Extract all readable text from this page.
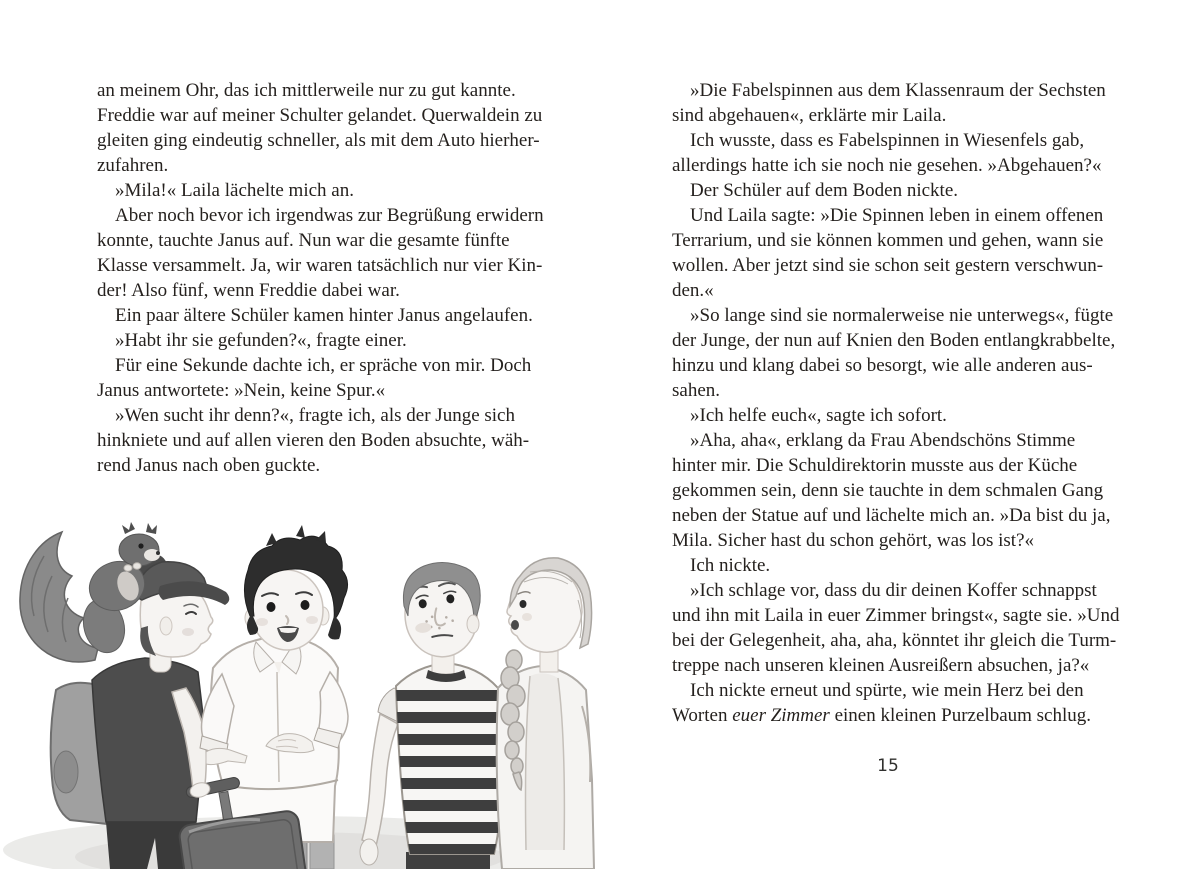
an meinem Ohr, das ich mittlerweile nur zu gut kannte.
Freddie war auf meiner Schulter gelandet. Querwaldein zu
gleiten ging eindeutig schneller, als mit dem Auto hierher-
zufahren.
»Mila!« Laila lächelte mich an.
Aber noch bevor ich irgendwas zur Begrüßung erwidern
konnte, tauchte Janus auf. Nun war die gesamte fünfte
Klasse versammelt. Ja, wir waren tatsächlich nur vier Kin-
der! Also fünf, wenn Freddie dabei war.
Ein paar ältere Schüler kamen hinter Janus angelaufen.
»Habt ihr sie gefunden?«, fragte einer.
Für eine Sekunde dachte ich, er spräche von mir. Doch
Janus antwortete: »Nein, keine Spur.«
»Wen sucht ihr denn?«, fragte ich, als der Junge sich
hinkniete und auf allen vieren den Boden absuchte, wäh-
rend Janus nach oben guckte.
»Die Fabelspinnen aus dem Klassenraum der Sechsten
sind abgehauen«, erklärte mir Laila.
Ich wusste, dass es Fabelspinnen in Wiesenfels gab,
allerdings hatte ich sie noch nie gesehen. »Abgehauen?«
Der Schüler auf dem Boden nickte.
Und Laila sagte: »Die Spinnen leben in einem offenen
Terrarium, und sie können kommen und gehen, wann sie
wollen. Aber jetzt sind sie schon seit gestern verschwun-
den.«
»So lange sind sie normalerweise nie unterwegs«, fügte
der Junge, der nun auf Knien den Boden entlangkrabbelte,
hinzu und klang dabei so besorgt, wie alle anderen aus-
sahen.
»Ich helfe euch«, sagte ich sofort.
»Aha, aha«, erklang da Frau Abendschöns Stimme
hinter mir. Die Schuldirektorin musste aus der Küche
gekommen sein, denn sie tauchte in dem schmalen Gang
neben der Statue auf und lächelte mich an. »Da bist du ja,
Mila. Sicher hast du schon gehört, was los ist?«
Ich nickte.
»Ich schlage vor, dass du dir deinen Koffer schnappst
und ihn mit Laila in euer Zimmer bringst«, sagte sie. »Und
bei der Gelegenheit, aha, aha, könntet ihr gleich die Turm-
treppe nach unseren kleinen Ausreißern absuchen, ja?«
Ich nickte erneut und spürte, wie mein Herz bei den
Worten euer Zimmer einen kleinen Purzelbaum schlug.
15
